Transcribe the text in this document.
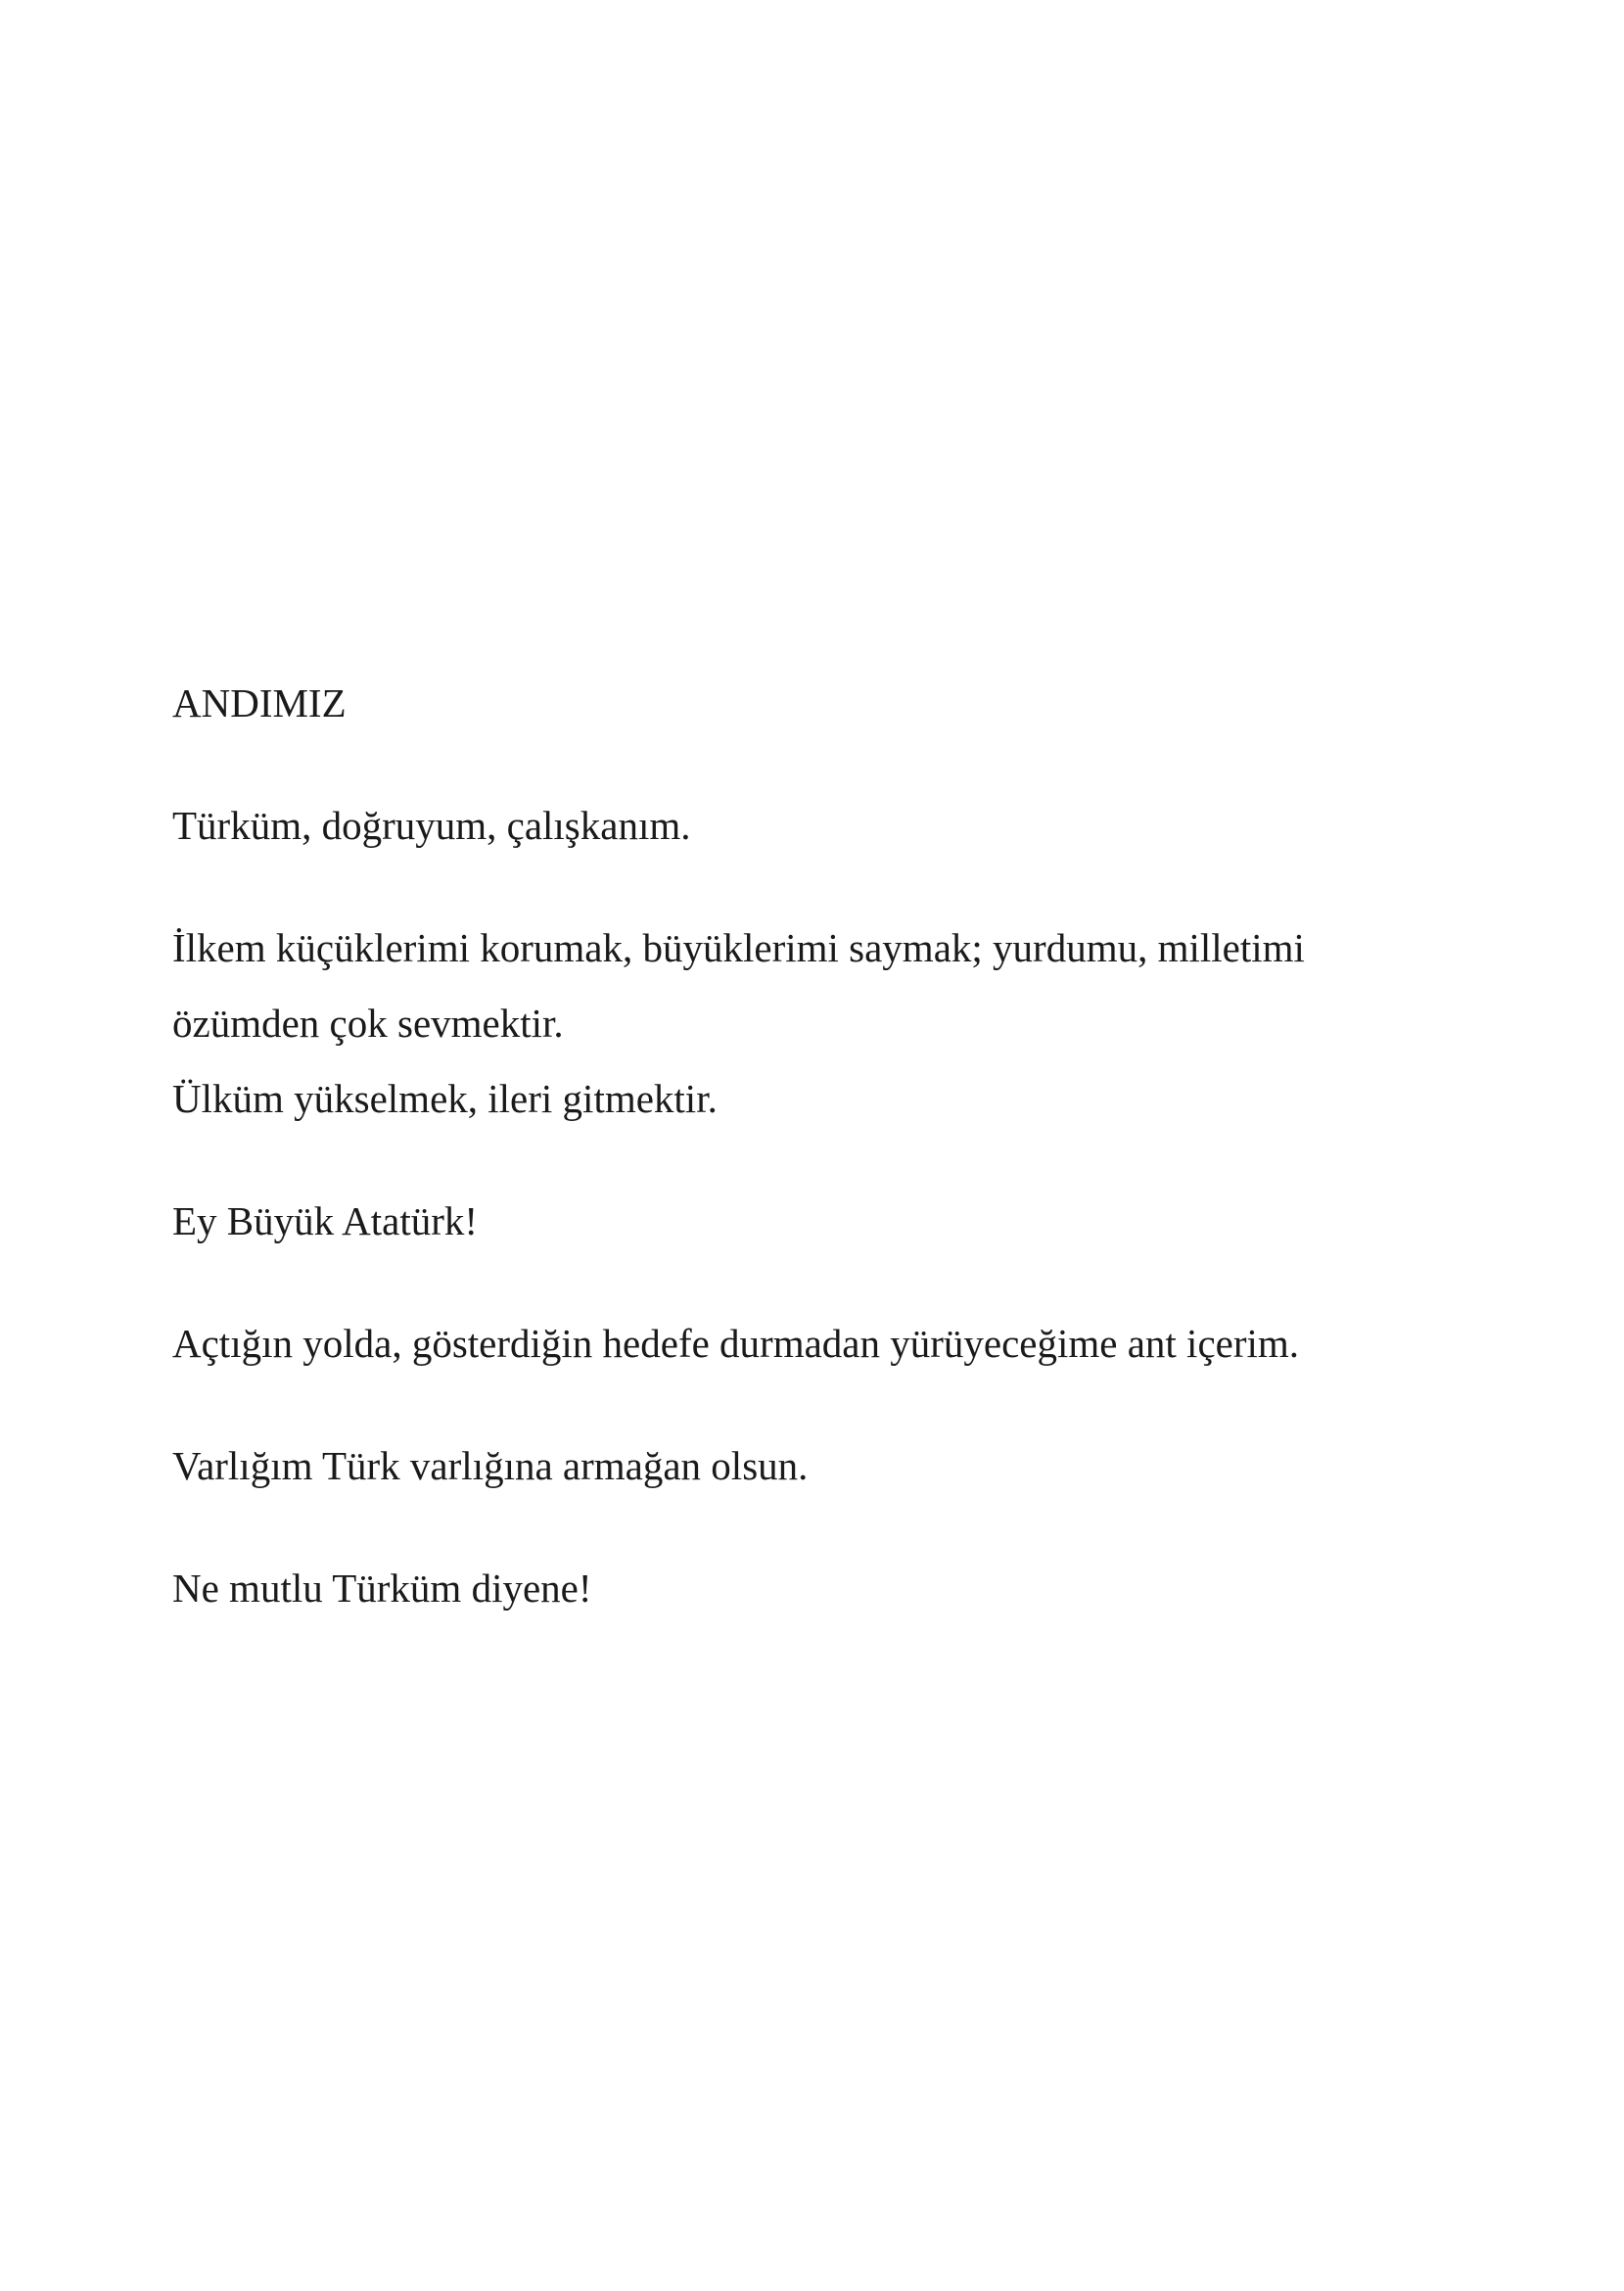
ANDIMIZ
Türküm, doğruyum, çalışkanım.
İlkem küçüklerimi korumak, büyüklerimi saymak; yurdumu, milletimi
özümden çok sevmektir.
Ülküm yükselmek, ileri gitmektir.
Ey Büyük Atatürk!
Açtığın yolda, gösterdiğin hedefe durmadan yürüyeceğime ant içerim.
Varlığım Türk varlığına armağan olsun.
Ne mutlu Türküm diyene!
